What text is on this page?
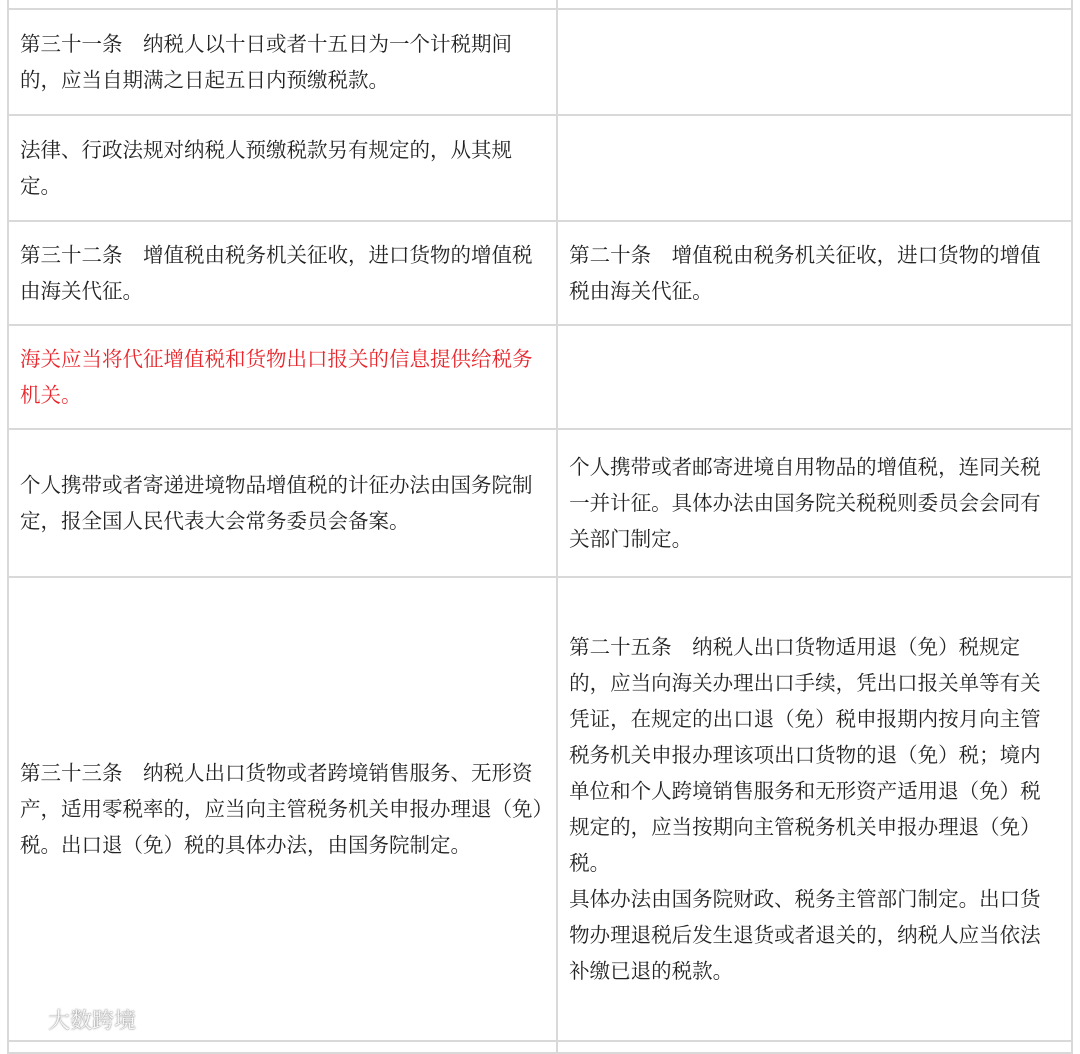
第三十一条　纳税人以十日或者十五日为一个计税期间的，应当自期满之日起五日内预缴税款。	

法律、行政法规对纳税人预缴税款另有规定的，从其规定。	

第三十二条　增值税由税务机关征收，进口货物的增值税由海关代征。	第二十条　增值税由税务机关征收，进口货物的增值税由海关代征。

海关应当将代征增值税和货物出口报关的信息提供给税务机关。	

个人携带或者寄递进境物品增值税的计征办法由国务院制定，报全国人民代表大会常务委员会备案。	个人携带或者邮寄进境自用物品的增值税，连同关税一并计征。具体办法由国务院关税税则委员会会同有关部门制定。

第三十三条　纳税人出口货物或者跨境销售服务、无形资产，适用零税率的，应当向主管税务机关申报办理退（免）税。出口退（免）税的具体办法，由国务院制定。	第二十五条　纳税人出口货物适用退（免）税规定的，应当向海关办理出口手续，凭出口报关单等有关凭证，在规定的出口退（免）税申报期内按月向主管税务机关申报办理该项出口货物的退（免）税；境内单位和个人跨境销售服务和无形资产适用退（免）税规定的，应当按期向主管税务机关申报办理退（免）税。
具体办法由国务院财政、税务主管部门制定。出口货物办理退税后发生退货或者退关的，纳税人应当依法补缴已退的税款。

大数跨境
